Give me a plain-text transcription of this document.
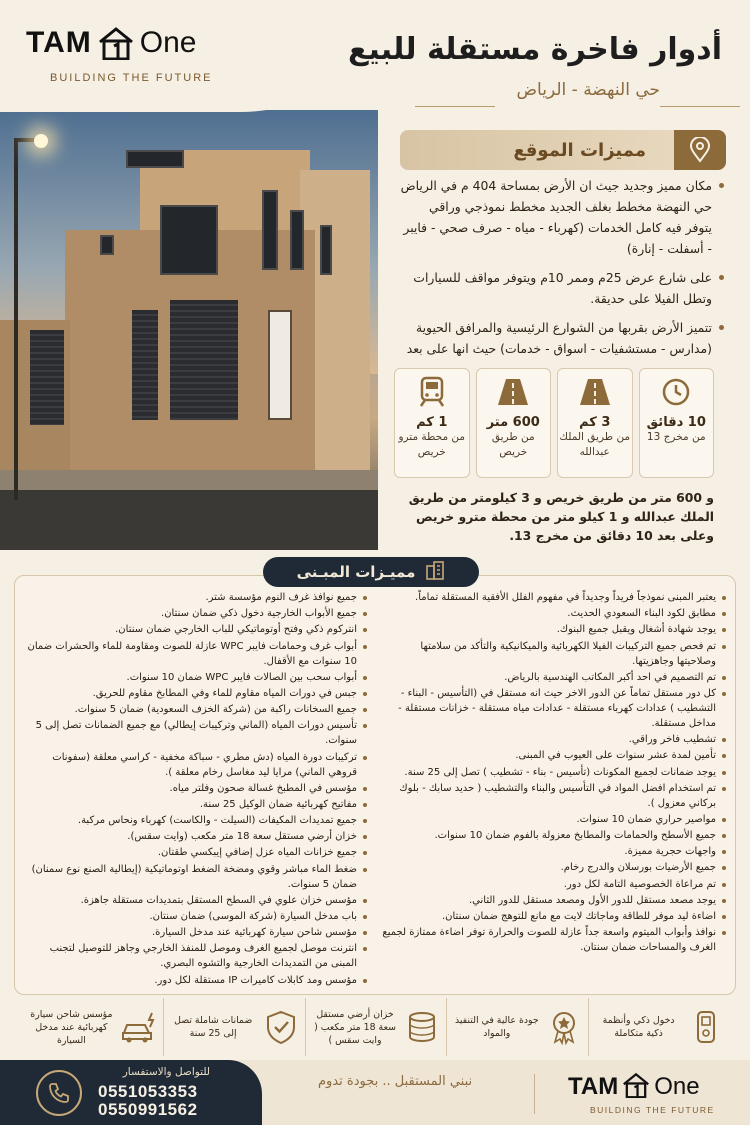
TAM One
BUILDING THE FUTURE
أدوار فاخرة مستقلة للبيع
حي النهضة - الرياض
مميزات الموقع
مكان مميز وجديد جيث ان الأرض بمساحة 404 م في الرياض حي النهضة مخطط بغلف الجديد مخطط نموذجي وراقي يتوفر فيه كامل الخدمات (كهرباء - مياه - صرف صحي - فايبر - أسفلت - إنارة)
على شارع عرض 25م وممر 10م ويتوفر مواقف للسيارات وتطل الفيلا على حديقة.
تتميز الأرض بقربها من الشوارع الرئيسية والمرافق الحيوية (مدارس - مستشفيات - اسواق - خدمات) حيث انها على بعد
10 دقائق
من مخرج 13
3 كم
من طريق الملك عبدالله
600 متر
من طريق خريص
1 كم
من محطة مترو خريص
و 600 متر من طريق خريص و 3 كيلومتر من طريق الملك عبدالله و 1 كيلو متر من محطة مترو خريص وعلى بعد 10 دقائق من مخرج 13.
مميـزات المبـنى
يعتبر المبنى نموذجاً فريداً وجديداً في مفهوم الفلل الأفقية المستقلة تماماً.
مطابق لكود البناء السعودي الحديث.
يوجد شهادة أشغال ويقبل جميع البنوك.
تم فحص جميع التركيبات الفيلا الكهربائية والميكانيكية والتأكد من سلامتها وصلاحيتها وجاهزيتها.
تم التصميم في احد أكبر المكاتب الهندسية بالرياض.
كل دور مستقل تماماً عن الدور الاخر حيث انه مستقل في (التأسيس - البناء - التشطيب ) عدادات كهرباء مستقلة - عدادات مياه مستقلة - خزانات مستقلة - مداخل مستقلة.
تشطيب فاخر وراقي.
تأمين لمدة عشر سنوات على العيوب في المبنى.
يوجد ضمانات لجميع المكونات (تأسيس - بناء - تشطيب ) تصل إلى 25 سنة.
تم استخدام افضل المواد في التأسيس والبناء والتشطيب ( حديد سابك - بلوك بركاني معزول ).
مواصير حراري ضمان 10 سنوات.
جميع الأسطح والحمامات والمطابخ معزولة بالفوم ضمان 10 سنوات.
واجهات حجرية مميزة.
جميع الأرضيات بورسلان والدرج رخام.
تم مراعاة الخصوصية التامة لكل دور.
يوجد مصعد مستقل للدور الأول ومصعد مستقل للدور الثاني.
اضاءة ليد موفر للطاقة وماجاتك لايت مع مانع للتوهج ضمان سنتان.
نوافذ وأبواب الميتوم واسعة جداً عازلة للصوت والحرارة توفر اضاءة ممتازة لجميع الغرف والمساحات ضمان سنتان.
جميع نوافذ غرف النوم مؤسسة شتر.
جميع الأبواب الخارجية دخول ذكي ضمان سنتان.
انتركوم ذكي وفتح أوتوماتيكي للباب الخارجي ضمان سنتان.
أبواب غرف وحمامات فايبر WPC عازلة للصوت ومقاومة للماء والحشرات ضمان 10 سنوات مع الأقفال.
أبواب سحب بين الصالات فايبر WPC ضمان 10 سنوات.
جبس في دورات المياه مقاوم للماء وفي المطابخ مقاوم للحريق.
جميع السخانات راكبة من (شركة الخزف السعودية) ضمان 5 سنوات.
تأسيس دورات المياه (الماني وتركيبات إيطالي) مع جميع الضمانات تصل إلى 5 سنوات.
تركيبات دورة المياه (دش مطري - سباكة مخفية - كراسي معلقة (سفونات قروهي الماني) مرايا ليد مغاسل رخام معلقة ).
مؤسس في المطبخ غسالة صحون وفلتر مياه.
مفاتيح كهربائية ضمان الوكيل 25 سنة.
جميع تمديدات المكيفات (السيلت - والكاست) كهرباء ونحاس مركبة.
خزان أرضي مستقل سعة 18 متر مكعب (وايت سقس).
جميع خزانات المياه عزل إضافي إيبكسي طقتان.
ضغط الماء مباشر وقوي ومضخة الضغط اوتوماتيكية (إيطالية الصنع نوع سمنان) ضمان 5 سنوات.
مؤسس خزان علوي في السطح المستقل بتمديدات مستقلة جاهزة.
باب مدخل السيارة (شركة الموسى) ضمان سنتان.
مؤسس شاحن سيارة كهربائية عند مدخل السيارة.
انترنت موصل لجميع الغرف وموصل للمنفذ الخارجي وجاهز للتوصيل لتجنب المبنى من التمديدات الخارجية والتشوه البصري.
مؤسس ومد كابلات كاميرات IP مستقلة لكل دور.
دخول ذكي وأنظمة ذكية متكاملة
جودة عالية في التنفيذ والمواد
خزان أرضي مستقل سعة 18 متر مكعب ( وايت سقس )
ضمانات شاملة تصل إلى 25 سنة
مؤسس شاحن سيارة كهربائية عند مدخل السيارة
للتواصل والاستفسار
0551053353
0550991562
نبني المستقبل .. بجودة تدوم	TAM One
BUILDING THE FUTURE
